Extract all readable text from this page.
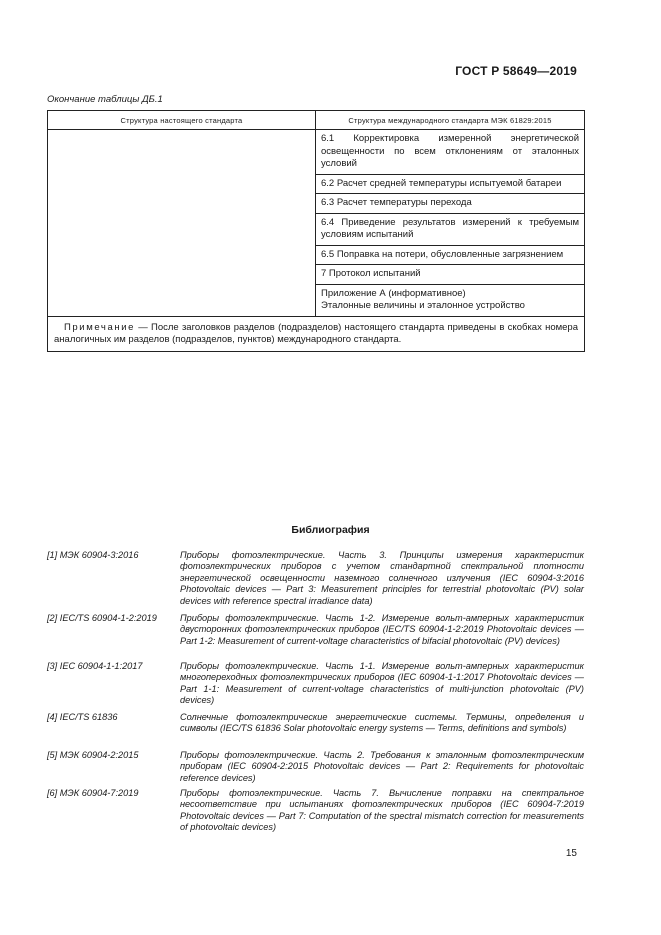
ГОСТ Р 58649—2019
Окончание таблицы ДБ.1
Структура настоящего стандарта	Структура международного стандарта МЭК 61829:2015
	6.1 Корректировка измеренной энергетической освещенности по всем отклонениям от эталонных условий
	6.2 Расчет средней температуры испытуемой батареи
	6.3 Расчет температуры перехода
	6.4 Приведение результатов измерений к требуемым условиям испытаний
	6.5 Поправка на потери, обусловленные загрязнением
	7 Протокол испытаний

	Приложение А (информативное)
Эталонные величины и эталонное устройство

Примечание — После заголовков разделов (подразделов) настоящего стандарта приведены в скобках номера аналогичных им разделов (подразделов, пунктов) международного стандарта.	
Библиография
[1] МЭК 60904-3:2016	Приборы фотоэлектрические. Часть 3. Принципы измерения характеристик фотоэлектрических приборов с учетом стандартной спектральной плотности энергетической освещенности наземного солнечного излучения (IEC 60904-3:2016 Photovoltaic devices — Part 3: Measurement principles for terrestrial photovoltaic (PV) solar devices with reference spectral irradiance data)
[2] IEC/TS 60904-1-2:2019	Приборы фотоэлектрические. Часть 1-2. Измерение вольт-амперных характеристик двусторонних фотоэлектрических приборов (IEC/TS 60904-1-2:2019 Photovoltaic devices — Part 1-2: Measurement of current-voltage characteristics of bifacial photovoltaic (PV) devices)
[3] IEC 60904-1-1:2017	Приборы фотоэлектрические. Часть 1-1. Измерение вольт-амперных характеристик многопереходных фотоэлектрических приборов (IEC 60904-1-1:2017 Photovoltaic devices — Part 1-1: Measurement of current-voltage characteristics of multi-junction photovoltaic (PV) devices)
[4] IEC/TS 61836	Солнечные фотоэлектрические энергетические системы. Термины, определения и символы (IEC/TS 61836 Solar photovoltaic energy systems — Terms, definitions and symbols)
[5] МЭК 60904-2:2015	Приборы фотоэлектрические. Часть 2. Требования к эталонным фотоэлектрическим приборам (IEC 60904-2:2015 Photovoltaic devices — Part 2: Requirements for photovoltaic reference devices)
[6] МЭК 60904-7:2019	Приборы фотоэлектрические. Часть 7. Вычисление поправки на спектральное несоответствие при испытаниях фотоэлектрических приборов (IEC 60904-7:2019 Photovoltaic devices — Part 7: Computation of the spectral mismatch correction for measurements of photovoltaic devices)
15
